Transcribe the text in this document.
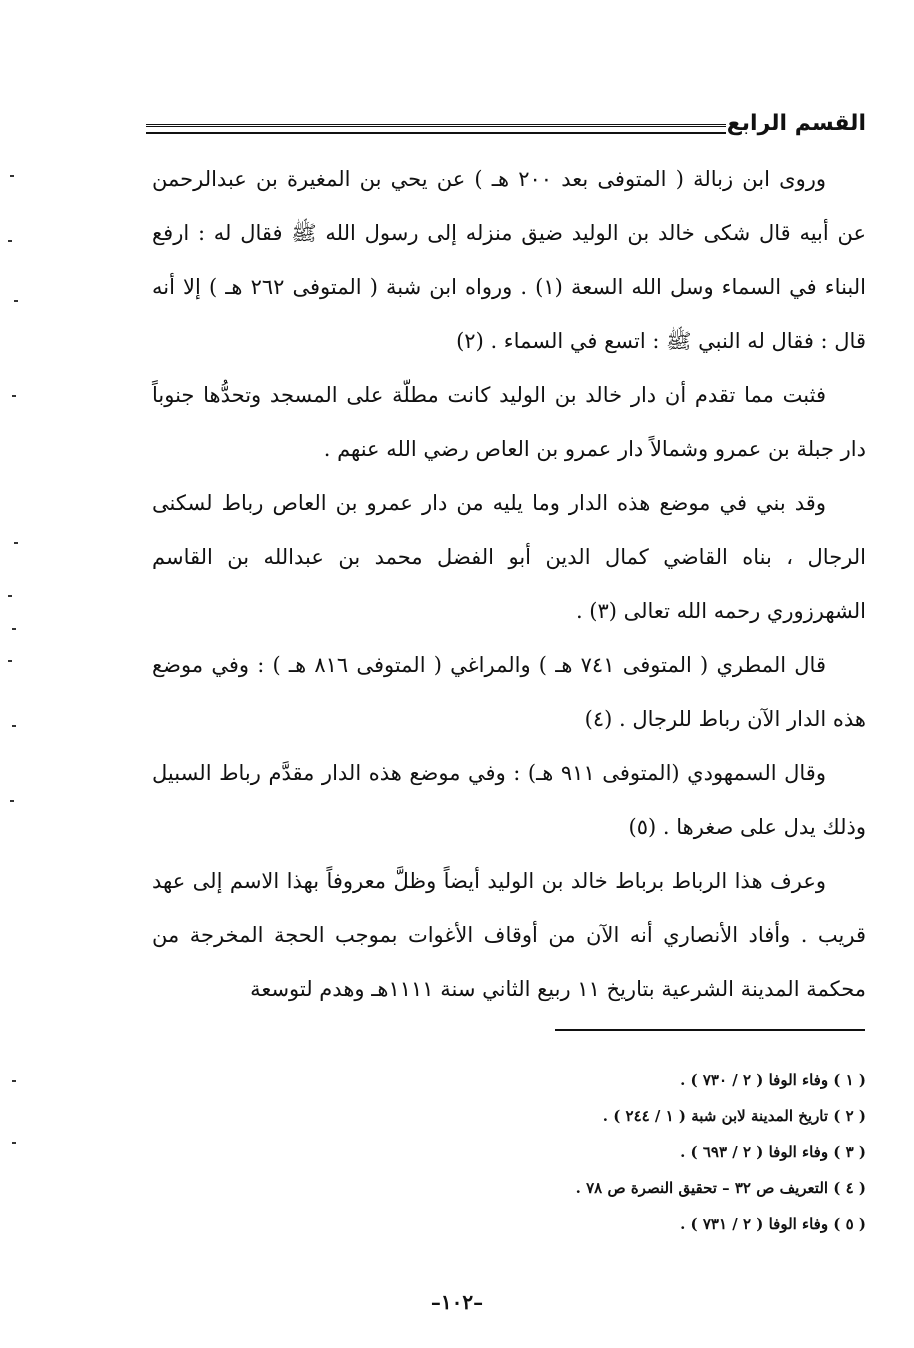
القسم الرابع

وروى ابن زبالة ( المتوفى بعد ٢٠٠ هـ ) عن يحي بن المغيرة بن عبدالرحمن عن أبيه قال شكى خالد بن الوليد ضيق منزله إلى رسول الله ﷺ فقال له : ارفع البناء في السماء وسل الله السعة (١) . ورواه ابن شبة ( المتوفى ٢٦٢ هـ ) إلا أنه قال : فقال له النبي ﷺ : اتسع في السماء . (٢)

فثبت مما تقدم أن دار خالد بن الوليد كانت مطلّة على المسجد وتحدُّها جنوباً دار جبلة بن عمرو وشمالاً دار عمرو بن العاص رضي الله عنهم .

وقد بني في موضع هذه الدار وما يليه من دار عمرو بن العاص رباط لسكنى الرجال ، بناه القاضي كمال الدين أبو الفضل محمد بن عبدالله بن القاسم الشهرزوري رحمه الله تعالى (٣) .

قال المطري ( المتوفى ٧٤١ هـ ) والمراغي ( المتوفى ٨١٦ هـ ) : وفي موضع هذه الدار الآن رباط للرجال . (٤)

وقال السمهودي (المتوفى ٩١١ هـ) : وفي موضع هذه الدار مقدَّم رباط السبيل وذلك يدل على صغرها . (٥)

وعرف هذا الرباط برباط خالد بن الوليد أيضاً وظلَّ معروفاً بهذا الاسم إلى عهد قريب . وأفاد الأنصاري أنه الآن من أوقاف الأغوات بموجب الحجة المخرجة من محكمة المدينة الشرعية بتاريخ ١١ ربيع الثاني سنة ١١١١هـ وهدم لتوسعة

( ١ ) وفاء الوفا ( ٢ / ٧٣٠ ) .
( ٢ ) تاريخ المدينة لابن شبة ( ١ / ٢٤٤ ) .
( ٣ ) وفاء الوفا ( ٢ / ٦٩٣ ) .
( ٤ ) التعريف ص ٣٢ – تحقيق النصرة ص ٧٨ .
( ٥ ) وفاء الوفا ( ٢ / ٧٣١ ) .
–١٠٢–
